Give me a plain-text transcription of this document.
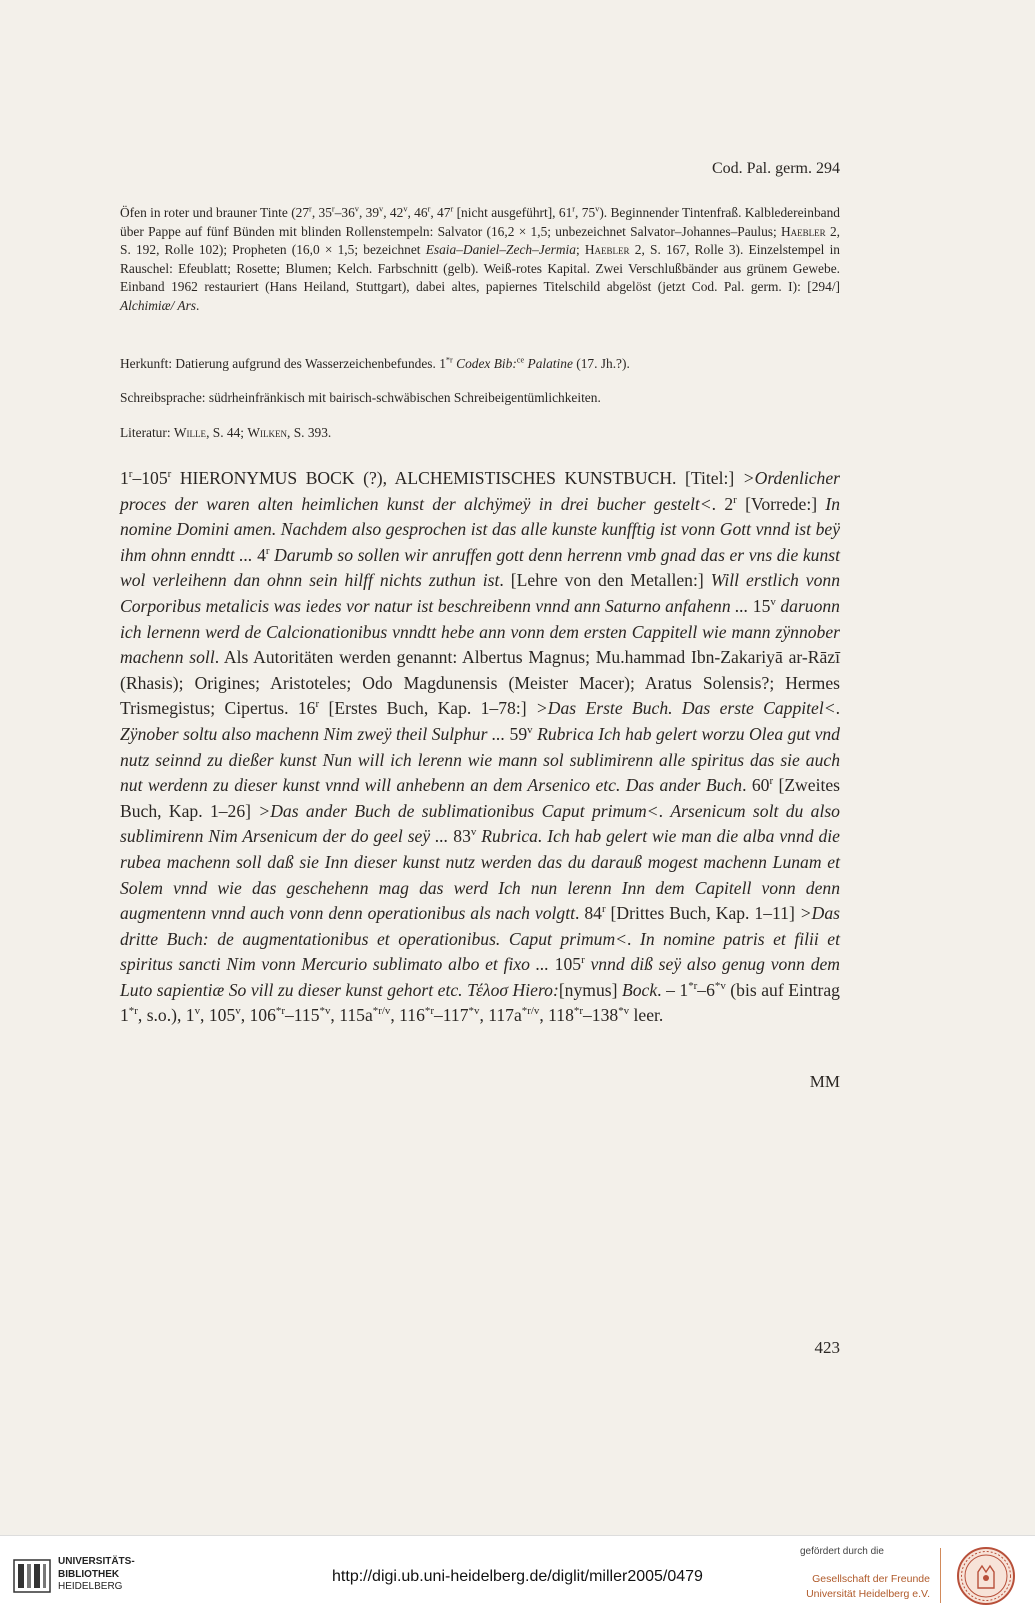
Cod. Pal. germ. 294

Öfen in roter und brauner Tinte (27$^r$, 35$^r$–36$^v$, 39$^v$, 42$^v$, 46$^r$, 47$^r$ [nicht ausgeführt], 61$^r$, 75$^v$). Beginnender Tintenfraß. Kalbledereinband über Pappe auf fünf Bünden mit blinden Rollenstempeln: Salvator (16,2 × 1,5; unbezeichnet Salvator–Johannes–Paulus; Haebler 2, S. 192, Rolle 102); Propheten (16,0 × 1,5; bezeichnet Esaia–Daniel–Zech–Jermia; Haebler 2, S. 167, Rolle 3). Einzelstempel in Rauschel: Efeublatt; Rosette; Blumen; Kelch. Farbschnitt (gelb). Weiß-rotes Kapital. Zwei Verschlußbänder aus grünem Gewebe. Einband 1962 restauriert (Hans Heiland, Stuttgart), dabei altes, papiernes Titelschild abgelöst (jetzt Cod. Pal. germ. I): [294/] Alchimiæ/ Ars.

Herkunft: Datierung aufgrund des Wasserzeichenbefundes. 1$^{*r}$ Codex Bib:$^{ce}$ Palatine (17. Jh.?).

Schreibsprache: südrheinfränkisch mit bairisch-schwäbischen Schreibeigentümlichkeiten.

Literatur: Wille, S. 44; Wilken, S. 393.

1$^r$–105$^r$ HIERONYMUS BOCK (?), ALCHEMISTISCHES KUNSTBUCH. [Titel:] >Ordenlicher proces der waren alten heimlichen kunst der alchÿmeÿ in drei bucher gestelt<. 2$^r$ [Vorrede:] In nomine Domini amen. Nachdem also gesprochen ist das alle kunste kunfftig ist vonn Gott vnnd ist beÿ ihm ohnn enndtt ... 4$^r$ Darumb so sollen wir anruffen gott denn herrenn vmb gnad das er vns die kunst wol verleihenn dan ohnn sein hilff nichts zuthun ist. [Lehre von den Metallen:] Will erstlich vonn Corporibus metalicis was iedes vor natur ist beschreibenn vnnd ann Saturno anfahenn ... 15$^v$ daruonn ich lernenn werd de Calcionationibus vnndtt hebe ann vonn dem ersten Cappitell wie mann zÿnnober machenn soll. Als Autoritäten werden genannt: Albertus Magnus; Mu.hammad Ibn-Zakariyā ar-Rāzī (Rhasis); Origines; Aristoteles; Odo Magdunensis (Meister Macer); Aratus Solensis?; Hermes Trismegistus; Cipertus. 16$^r$ [Erstes Buch, Kap. 1–78:] >Das Erste Buch. Das erste Cappitel<. Zÿnober soltu also machenn Nim zweÿ theil Sulphur ... 59$^v$ Rubrica Ich hab gelert worzu Olea gut vnd nutz seinnd zu dießer kunst Nun will ich lerenn wie mann sol sublimirenn alle spiritus das sie auch nut werdenn zu dieser kunst vnnd will anhebenn an dem Arsenico etc. Das ander Buch. 60$^r$ [Zweites Buch, Kap. 1–26] >Das ander Buch de sublimationibus Caput primum<. Arsenicum solt du also sublimirenn Nim Arsenicum der do geel seÿ ... 83$^v$ Rubrica. Ich hab gelert wie man die alba vnnd die rubea machenn soll daß sie Inn dieser kunst nutz werden das du darauß mogest machenn Lunam et Solem vnnd wie das geschehenn mag das werd Ich nun lerenn Inn dem Capitell vonn denn augmentenn vnnd auch vonn denn operationibus als nach volgtt. 84$^r$ [Drittes Buch, Kap. 1–11] >Das dritte Buch: de augmentationibus et operationibus. Caput primum<. In nomine patris et filii et spiritus sancti Nim vonn Mercurio sublimato albo et fixo ... 105$^r$ vnnd diß seÿ also genug vonn dem Luto sapientiæ So vill zu dieser kunst gehort etc. Τέλοσ Hiero:[nymus] Bock. – 1$^{*r}$–6$^{*v}$ (bis auf Eintrag 1$^{*r}$, s.o.), 1$^v$, 105$^v$, 106$^{*r}$–115$^{*v}$, $115a^{*r/v}$, 116$^{*r}$–117$^{*v}$, $117a^{*r/v}$, 118$^{*r}$–138$^{*v}$ leer.

MM
423
UNIVERSITÄTS-
BIBLIOTHEK
HEIDELBERG
http://digi.ub.uni-heidelberg.de/diglit/miller2005/0479
gefördert durch die
Gesellschaft der Freunde
Universität Heidelberg e.V.
